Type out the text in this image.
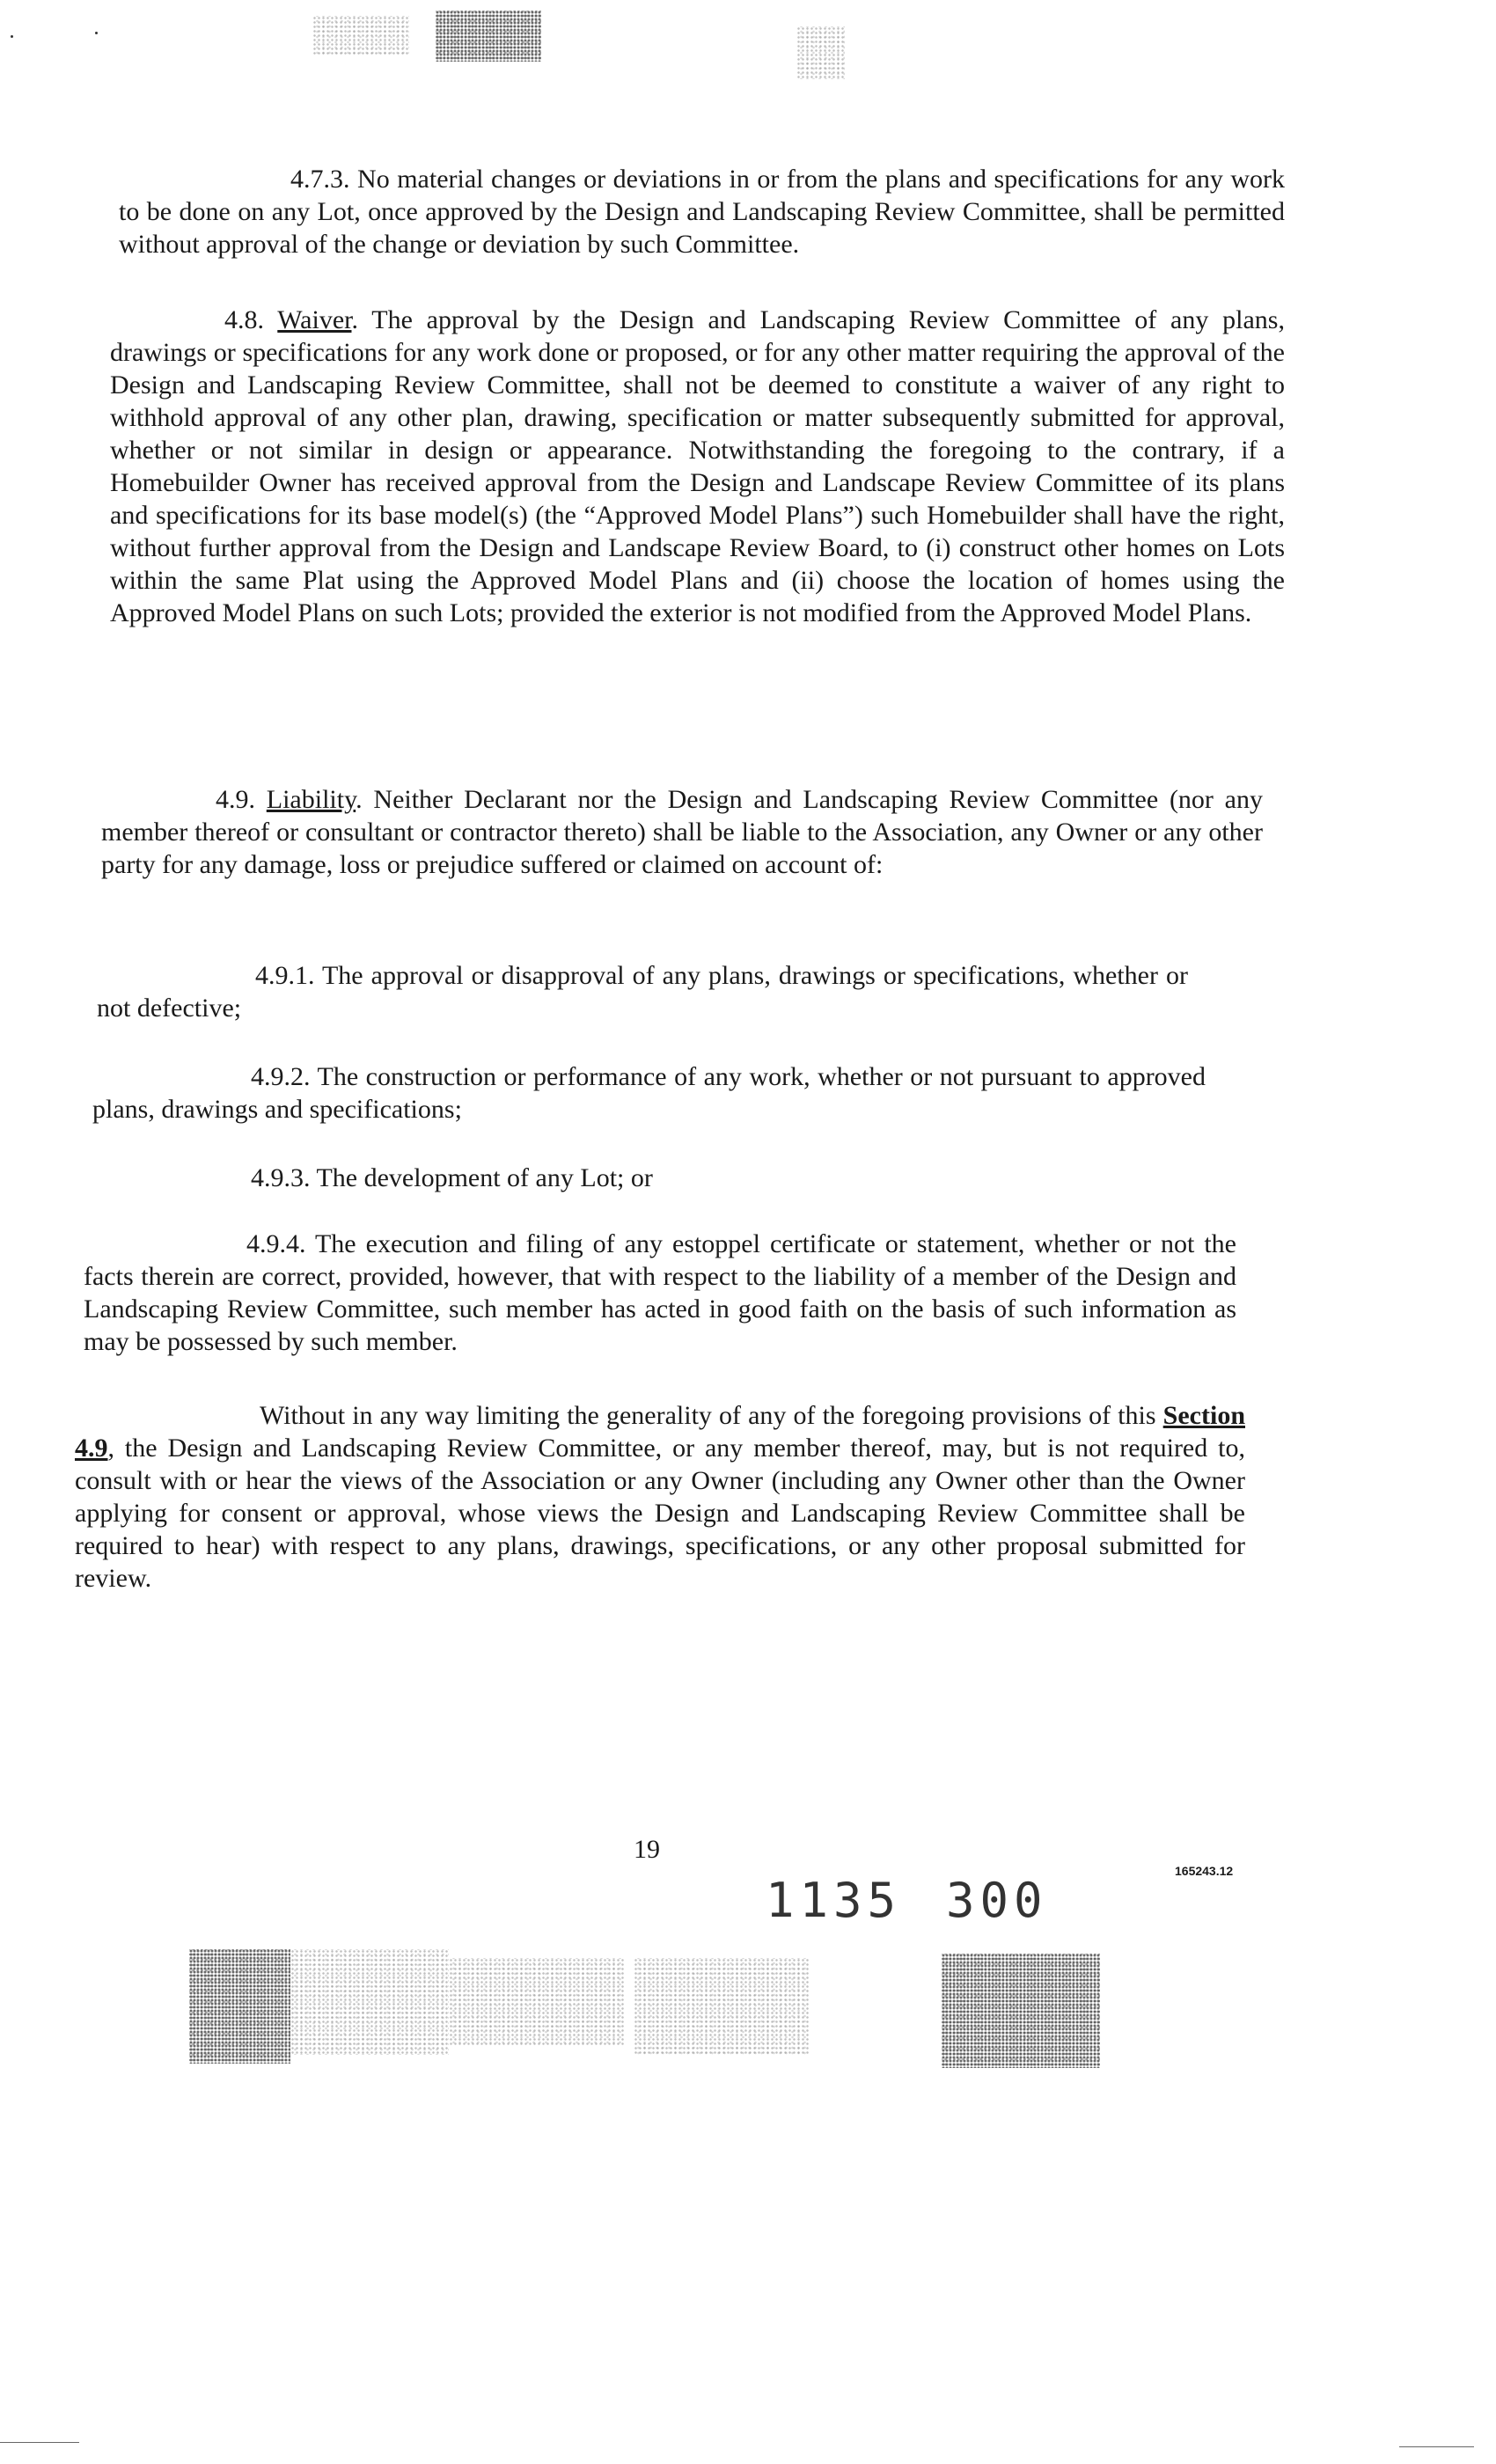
4.7.3. No material changes or deviations in or from the plans and specifications for any work to be done on any Lot, once approved by the Design and Landscaping Review Committee, shall be permitted without approval of the change or deviation by such Committee.

4.8. Waiver. The approval by the Design and Landscaping Review Committee of any plans, drawings or specifications for any work done or proposed, or for any other matter requiring the approval of the Design and Landscaping Review Committee, shall not be deemed to constitute a waiver of any right to withhold approval of any other plan, drawing, specification or matter subsequently submitted for approval, whether or not similar in design or appearance. Notwithstanding the foregoing to the contrary, if a Homebuilder Owner has received approval from the Design and Landscape Review Committee of its plans and specifications for its base model(s) (the “Approved Model Plans”) such Homebuilder shall have the right, without further approval from the Design and Landscape Review Board, to (i) construct other homes on Lots within the same Plat using the Approved Model Plans and (ii) choose the location of homes using the Approved Model Plans on such Lots; provided the exterior is not modified from the Approved Model Plans.

4.9. Liability. Neither Declarant nor the Design and Landscaping Review Committee (nor any member thereof or consultant or contractor thereto) shall be liable to the Association, any Owner or any other party for any damage, loss or prejudice suffered or claimed on account of:

4.9.1. The approval or disapproval of any plans, drawings or specifications, whether or not defective;

4.9.2. The construction or performance of any work, whether or not pursuant to approved plans, drawings and specifications;

4.9.3. The development of any Lot; or

4.9.4. The execution and filing of any estoppel certificate or statement, whether or not the facts therein are correct, provided, however, that with respect to the liability of a member of the Design and Landscaping Review Committee, such member has acted in good faith on the basis of such information as may be possessed by such member.

Without in any way limiting the generality of any of the foregoing provisions of this Section 4.9, the Design and Landscaping Review Committee, or any member thereof, may, but is not required to, consult with or hear the views of the Association or any Owner (including any Owner other than the Owner applying for consent or approval, whose views the Design and Landscaping Review Committee shall be required to hear) with respect to any plans, drawings, specifications, or any other proposal submitted for review.

19
165243.12
1135 300
